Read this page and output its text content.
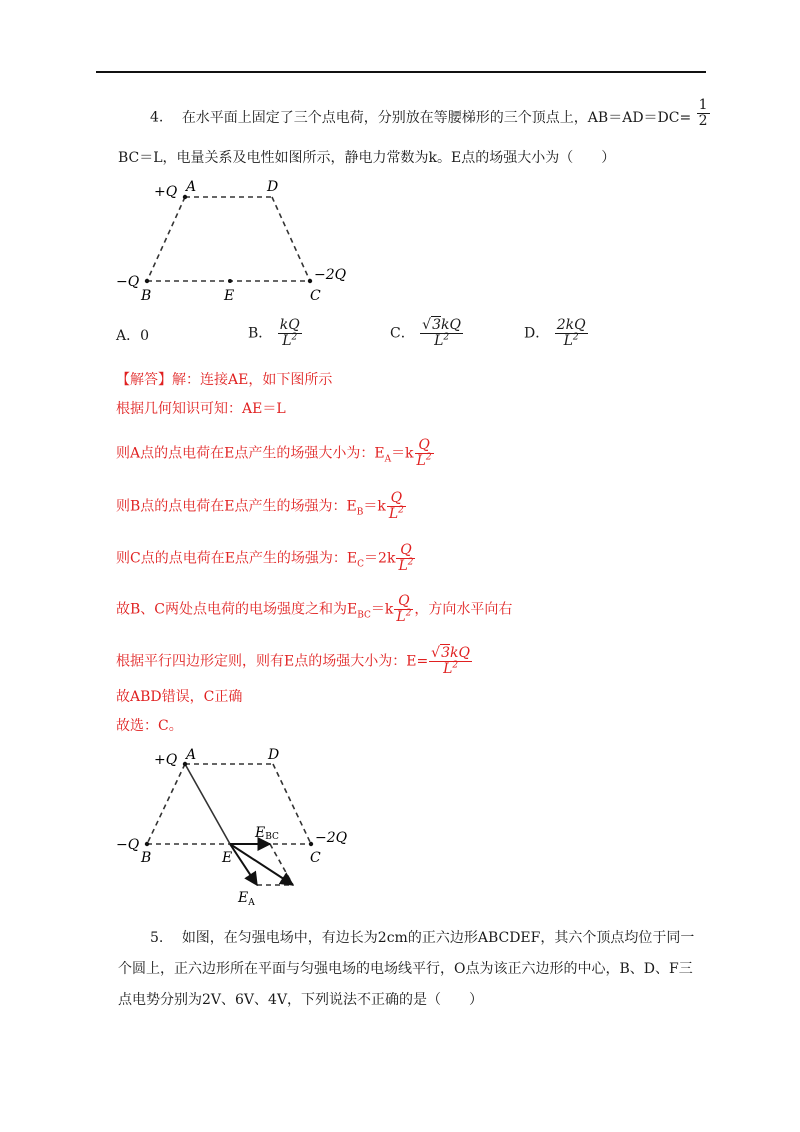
4. 在水平面上固定了三个点电荷，分别放在等腰梯形的三个顶点上，$AB=AD=DC= \frac{1}{2}$
BC＝L，电量关系及电性如图所示，静电力常数为k。E点的场强大小为（　　）
+Q A	D
−Q	−2Q
B	E	C
A．0	B． $\frac{kQ}{L^2}$	C． $\frac{√3kQ}{L^2}$	D． $\frac{2kQ}{L^2}$
【解答】解：连接AE，如下图所示
根据几何知识可知：AE＝L
则A点的点电荷在E点产生的场强大小为：$E_A=k \frac{Q}{L^2}$
则B点的点电荷在E点产生的场强为：$E_B=k \frac{Q}{L^2}$
则C点的点电荷在E点产生的场强为：$E_C=2k \frac{Q}{L^2}$
故B、C两处点电荷的电场强度之和为$E_{BC}=k \frac{Q}{L^2}$ ，方向水平向右
根据平行四边形定则，则有E点的场强大小为：$E= \frac{√3kQ}{L^2}$
故ABD错误，C正确
故选：C。
+Q A	D
−Q	−2Q
B	E	C
EBC
$E_A$
5. 如图，在匀强电场中，有边长为2cm的正六边形ABCDEF，其六个顶点均位于同一
个圆上，正六边形所在平面与匀强电场的电场线平行，O点为该正六边形的中心，B、D、F三
点电势分别为2V、6V、4V，下列说法不正确的是（　　）
